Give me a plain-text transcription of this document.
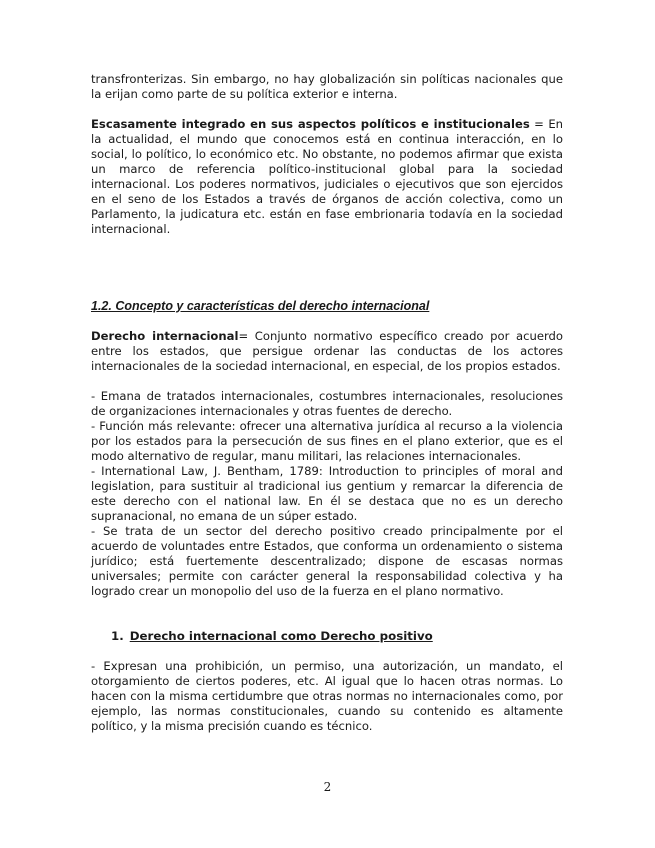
transfronterizas. Sin embargo, no hay globalización sin políticas nacionales que la erijan como parte de su política exterior e interna.

Escasamente integrado en sus aspectos políticos e institucionales = En la actualidad, el mundo que conocemos está en continua interacción, en lo social, lo político, lo económico etc. No obstante, no podemos afirmar que exista un marco de referencia político-institucional global para la sociedad internacional. Los poderes normativos, judiciales o ejecutivos que son ejercidos en el seno de los Estados a través de órganos de acción colectiva, como un Parlamento, la judicatura etc. están en fase embrionaria todavía en la sociedad internacional.

1.2. Concepto y características del derecho internacional

Derecho internacional= Conjunto normativo específico creado por acuerdo entre los estados, que persigue ordenar las conductas de los actores internacionales de la sociedad internacional, en especial, de los propios estados.

- Emana de tratados internacionales, costumbres internacionales, resoluciones de organizaciones internacionales y otras fuentes de derecho.

- Función más relevante: ofrecer una alternativa jurídica al recurso a la violencia por los estados para la persecución de sus fines en el plano exterior, que es el modo alternativo de regular, manu militari, las relaciones internacionales.

- International Law, J. Bentham, 1789: Introduction to principles of moral and legislation, para sustituir al tradicional ius gentium y remarcar la diferencia de este derecho con el national law. En él se destaca que no es un derecho supranacional, no emana de un súper estado.

- Se trata de un sector del derecho positivo creado principalmente por el acuerdo de voluntades entre Estados, que conforma un ordenamiento o sistema jurídico; está fuertemente descentralizado; dispone de escasas normas universales; permite con carácter general la responsabilidad colectiva y ha logrado crear un monopolio del uso de la fuerza en el plano normativo.

1. Derecho internacional como Derecho positivo

- Expresan una prohibición, un permiso, una autorización, un mandato, el otorgamiento de ciertos poderes, etc. Al igual que lo hacen otras normas. Lo hacen con la misma certidumbre que otras normas no internacionales como, por ejemplo, las normas constitucionales, cuando su contenido es altamente político, y la misma precisión cuando es técnico.

2
